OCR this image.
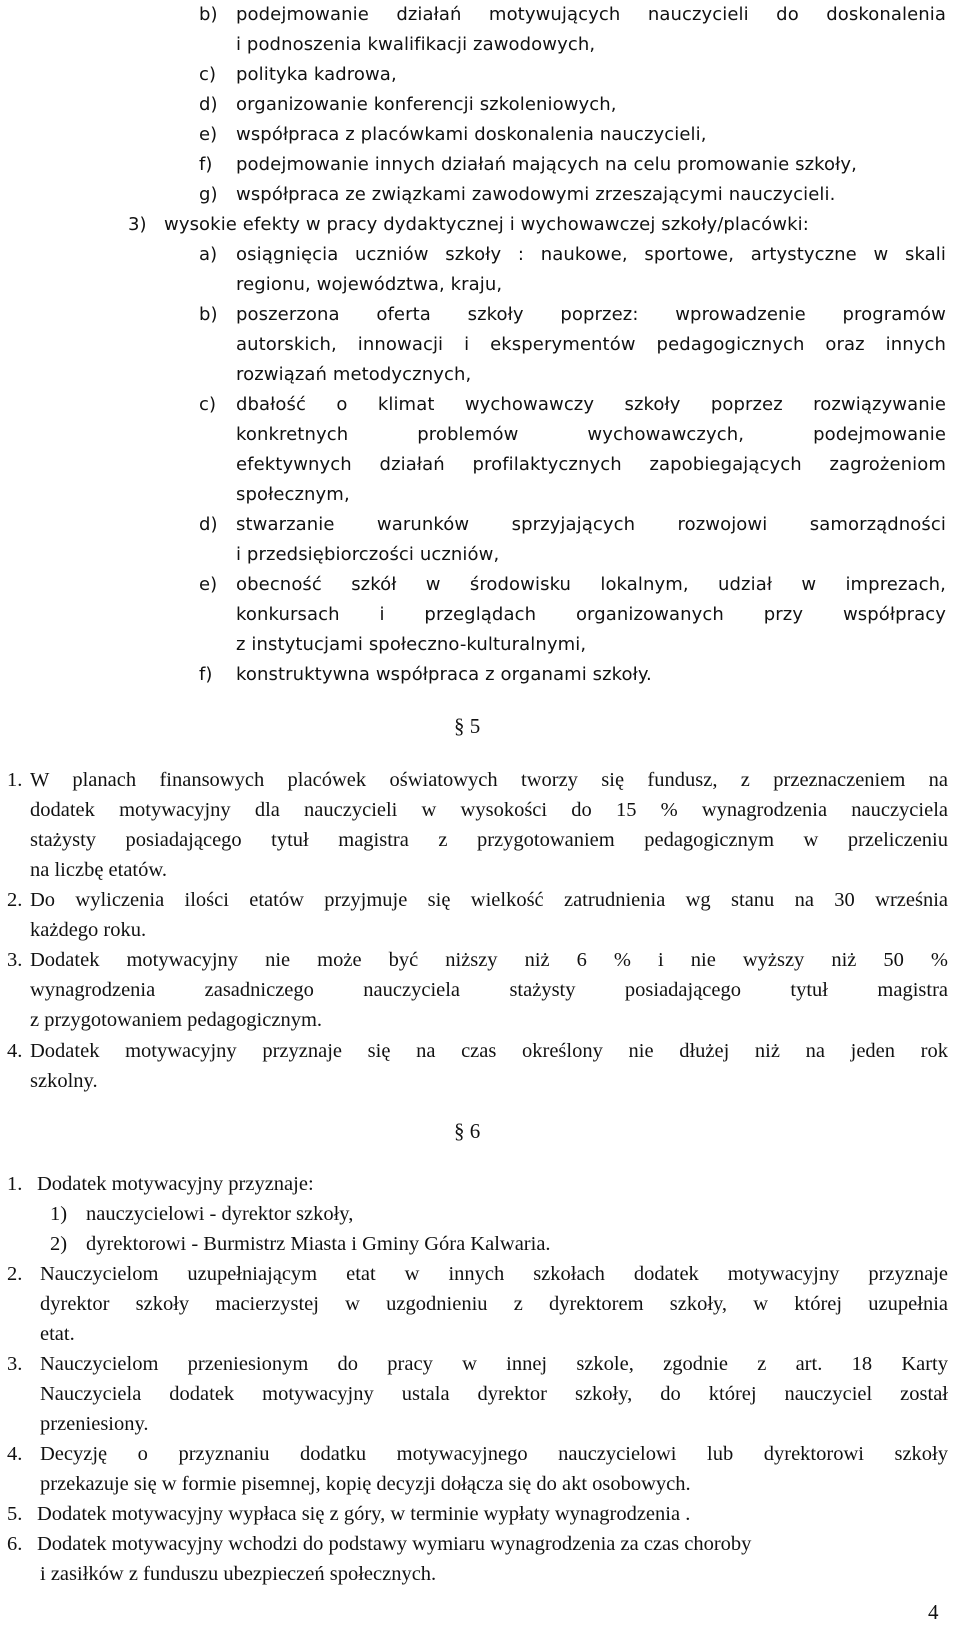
b) podejmowanie działań motywujących nauczycieli do doskonalenia
i podnoszenia kwalifikacji zawodowych,
c) polityka kadrowa,
d) organizowanie konferencji szkoleniowych,
e) współpraca z placówkami doskonalenia nauczycieli,
f) podejmowanie innych działań mających na celu promowanie szkoły,
g) współpraca ze związkami zawodowymi zrzeszającymi nauczycieli.
3) wysokie efekty w pracy dydaktycznej i wychowawczej szkoły/placówki:
a) osiągnięcia uczniów szkoły : naukowe, sportowe, artystyczne w skali
regionu, województwa, kraju,
b) poszerzona oferta szkoły poprzez: wprowadzenie programów
autorskich, innowacji i eksperymentów pedagogicznych oraz innych
rozwiązań metodycznych,
c) dbałość o klimat wychowawczy szkoły poprzez rozwiązywanie
konkretnych problemów wychowawczych, podejmowanie
efektywnych działań profilaktycznych zapobiegających zagrożeniom
społecznym,
d) stwarzanie warunków sprzyjających rozwojowi samorządności
i przedsiębiorczości uczniów,
e) obecność szkół w środowisku lokalnym, udział w imprezach,
konkursach i przeglądach organizowanych przy współpracy
z instytucjami społeczno-kulturalnymi,
f) konstruktywna współpraca z organami szkoły.
§ 5
1. W planach finansowych placówek oświatowych tworzy się fundusz, z przeznaczeniem na
dodatek motywacyjny dla nauczycieli w wysokości do 15 % wynagrodzenia nauczyciela
stażysty posiadającego tytuł magistra z przygotowaniem pedagogicznym w przeliczeniu
na liczbę etatów.
2. Do wyliczenia ilości etatów przyjmuje się wielkość zatrudnienia wg stanu na 30 września
każdego roku.
3. Dodatek motywacyjny nie może być niższy niż 6 % i nie wyższy niż 50 %
wynagrodzenia zasadniczego nauczyciela stażysty posiadającego tytuł magistra
z przygotowaniem pedagogicznym.
4. Dodatek motywacyjny przyznaje się na czas określony nie dłużej niż na jeden rok
szkolny.
§ 6
1. Dodatek motywacyjny przyznaje:
1) nauczycielowi - dyrektor szkoły,
2) dyrektorowi - Burmistrz Miasta i Gminy Góra Kalwaria.
2. Nauczycielom uzupełniającym etat w innych szkołach dodatek motywacyjny przyznaje
dyrektor szkoły macierzystej w uzgodnieniu z dyrektorem szkoły, w której uzupełnia
etat.
3. Nauczycielom przeniesionym do pracy w innej szkole, zgodnie z art. 18 Karty
Nauczyciela dodatek motywacyjny ustala dyrektor szkoły, do której nauczyciel został
przeniesiony.
4. Decyzję o przyznaniu dodatku motywacyjnego nauczycielowi lub dyrektorowi szkoły
przekazuje się w formie pisemnej, kopię decyzji dołącza się do akt osobowych.
5. Dodatek motywacyjny wypłaca się z góry, w terminie wypłaty wynagrodzenia .
6. Dodatek motywacyjny wchodzi do podstawy wymiaru wynagrodzenia za czas choroby
i zasiłków z funduszu ubezpieczeń społecznych.
4
